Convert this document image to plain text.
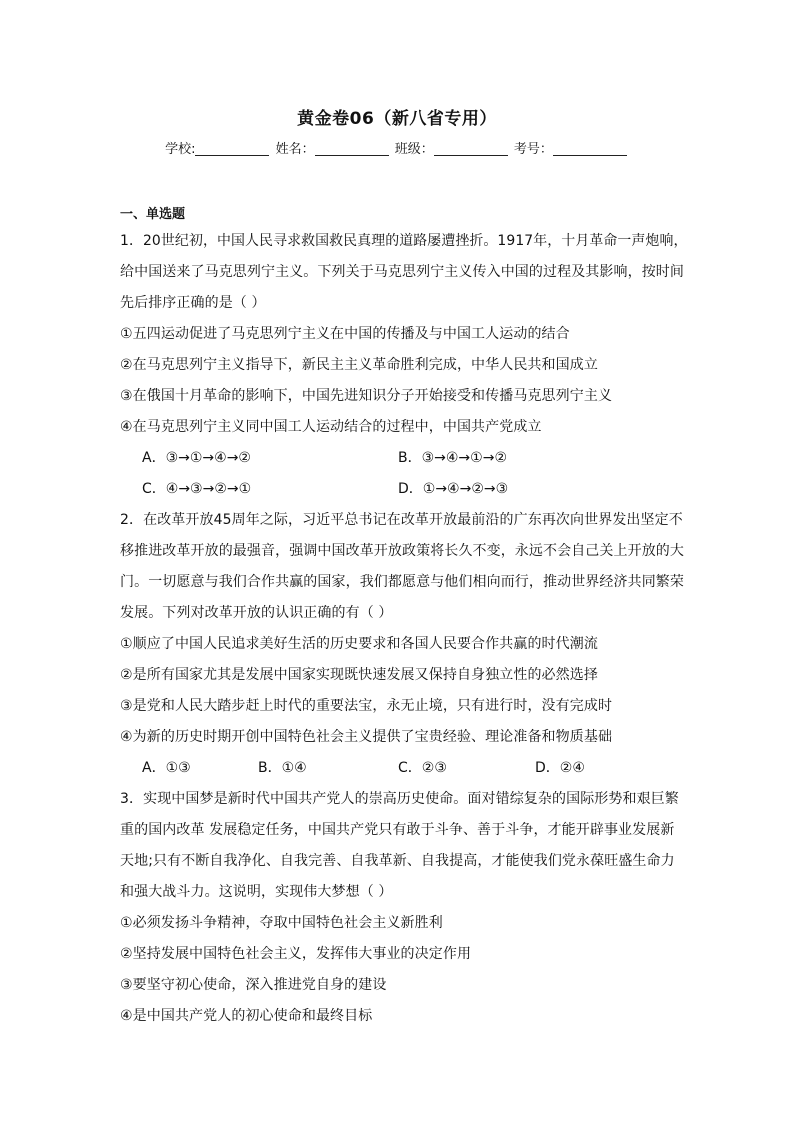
黄金卷06（新八省专用）
学校:	姓名：	班级：	考号：
一、单选题
1．20世纪初，中国人民寻求救国救民真理的道路屡遭挫折。1917年，十月革命一声炮响，
给中国送来了马克思列宁主义。下列关于马克思列宁主义传入中国的过程及其影响，按时间
先后排序正确的是（ ）
①五四运动促进了马克思列宁主义在中国的传播及与中国工人运动的结合
②在马克思列宁主义指导下，新民主主义革命胜利完成，中华人民共和国成立
③在俄国十月革命的影响下，中国先进知识分子开始接受和传播马克思列宁主义
④在马克思列宁主义同中国工人运动结合的过程中，中国共产党成立
A．③→①→④→②	B．③→④→①→②
C．④→③→②→①	D．①→④→②→③
2．在改革开放45周年之际，习近平总书记在改革开放最前沿的广东再次向世界发出坚定不
移推进改革开放的最强音，强调中国改革开放政策将长久不变，永远不会自己关上开放的大
门。一切愿意与我们合作共赢的国家，我们都愿意与他们相向而行，推动世界经济共同繁荣
发展。下列对改革开放的认识正确的有（ ）
①顺应了中国人民追求美好生活的历史要求和各国人民要合作共赢的时代潮流
②是所有国家尤其是发展中国家实现既快速发展又保持自身独立性的必然选择
③是党和人民大踏步赶上时代的重要法宝，永无止境，只有进行时，没有完成时
④为新的历史时期开创中国特色社会主义提供了宝贵经验、理论准备和物质基础
A．①③	B．①④	C．②③	D．②④
3．实现中国梦是新时代中国共产党人的崇高历史使命。面对错综复杂的国际形势和艰巨繁
重的国内改革 发展稳定任务，中国共产党只有敢于斗争、善于斗争，才能开辟事业发展新
天地;只有不断自我净化、自我完善、自我革新、自我提高，才能使我们党永葆旺盛生命力
和强大战斗力。这说明，实现伟大梦想（ ）
①必须发扬斗争精神，夺取中国特色社会主义新胜利
②坚持发展中国特色社会主义，发挥伟大事业的决定作用
③要坚守初心使命，深入推进党自身的建设
④是中国共产党人的初心使命和最终目标
